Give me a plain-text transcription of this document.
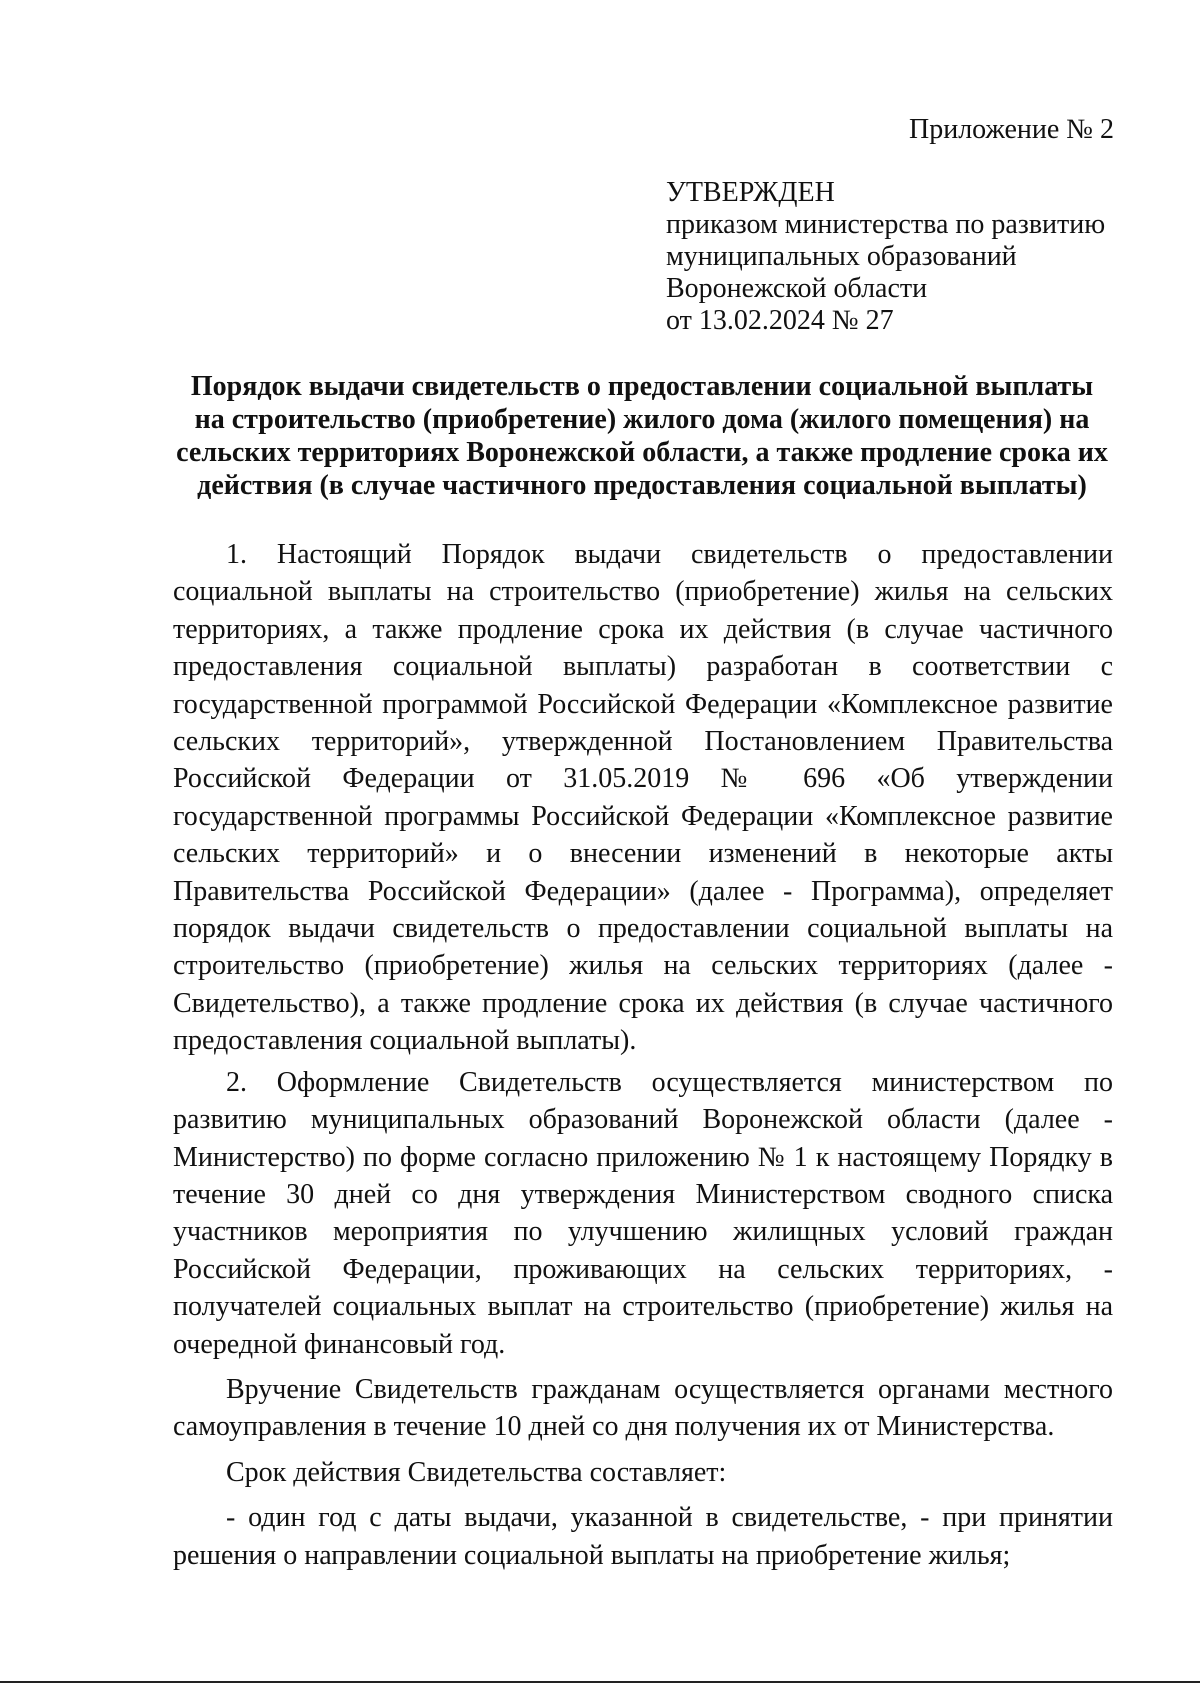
Приложение № 2

УТВЕРЖДЕН
приказом министерства по развитию
муниципальных образований
Воронежской области
от 13.02.2024 № 27
Порядок выдачи свидетельств о предоставлении социальной выплаты
на строительство (приобретение) жилого дома (жилого помещения) на
сельских территориях Воронежской области, а также продление срока их
действия (в случае частичного предоставления социальной выплаты)

1. Настоящий Порядок выдачи свидетельств о предоставлении социальной выплаты на строительство (приобретение) жилья на сельских территориях, а также продление срока их действия (в случае частичного предоставления социальной выплаты) разработан в соответствии с государственной программой Российской Федерации «Комплексное развитие сельских территорий», утвержденной Постановлением Правительства Российской Федерации от 31.05.2019 № 696 «Об утверждении государственной программы Российской Федерации «Комплексное развитие сельских территорий» и о внесении изменений в некоторые акты Правительства Российской Федерации» (далее - Программа), определяет порядок выдачи свидетельств о предоставлении социальной выплаты на строительство (приобретение) жилья на сельских территориях (далее - Свидетельство), а также продление срока их действия (в случае частичного предоставления социальной выплаты).

2. Оформление Свидетельств осуществляется министерством по развитию муниципальных образований Воронежской области (далее - Министерство) по форме согласно приложению № 1 к настоящему Порядку в течение 30 дней со дня утверждения Министерством сводного списка участников мероприятия по улучшению жилищных условий граждан Российской Федерации, проживающих на сельских территориях, - получателей социальных выплат на строительство (приобретение) жилья на очередной финансовый год.

Вручение Свидетельств гражданам осуществляется органами местного самоуправления в течение 10 дней со дня получения их от Министерства.

Срок действия Свидетельства составляет:

- один год с даты выдачи, указанной в свидетельстве, - при принятии решения о направлении социальной выплаты на приобретение жилья;
